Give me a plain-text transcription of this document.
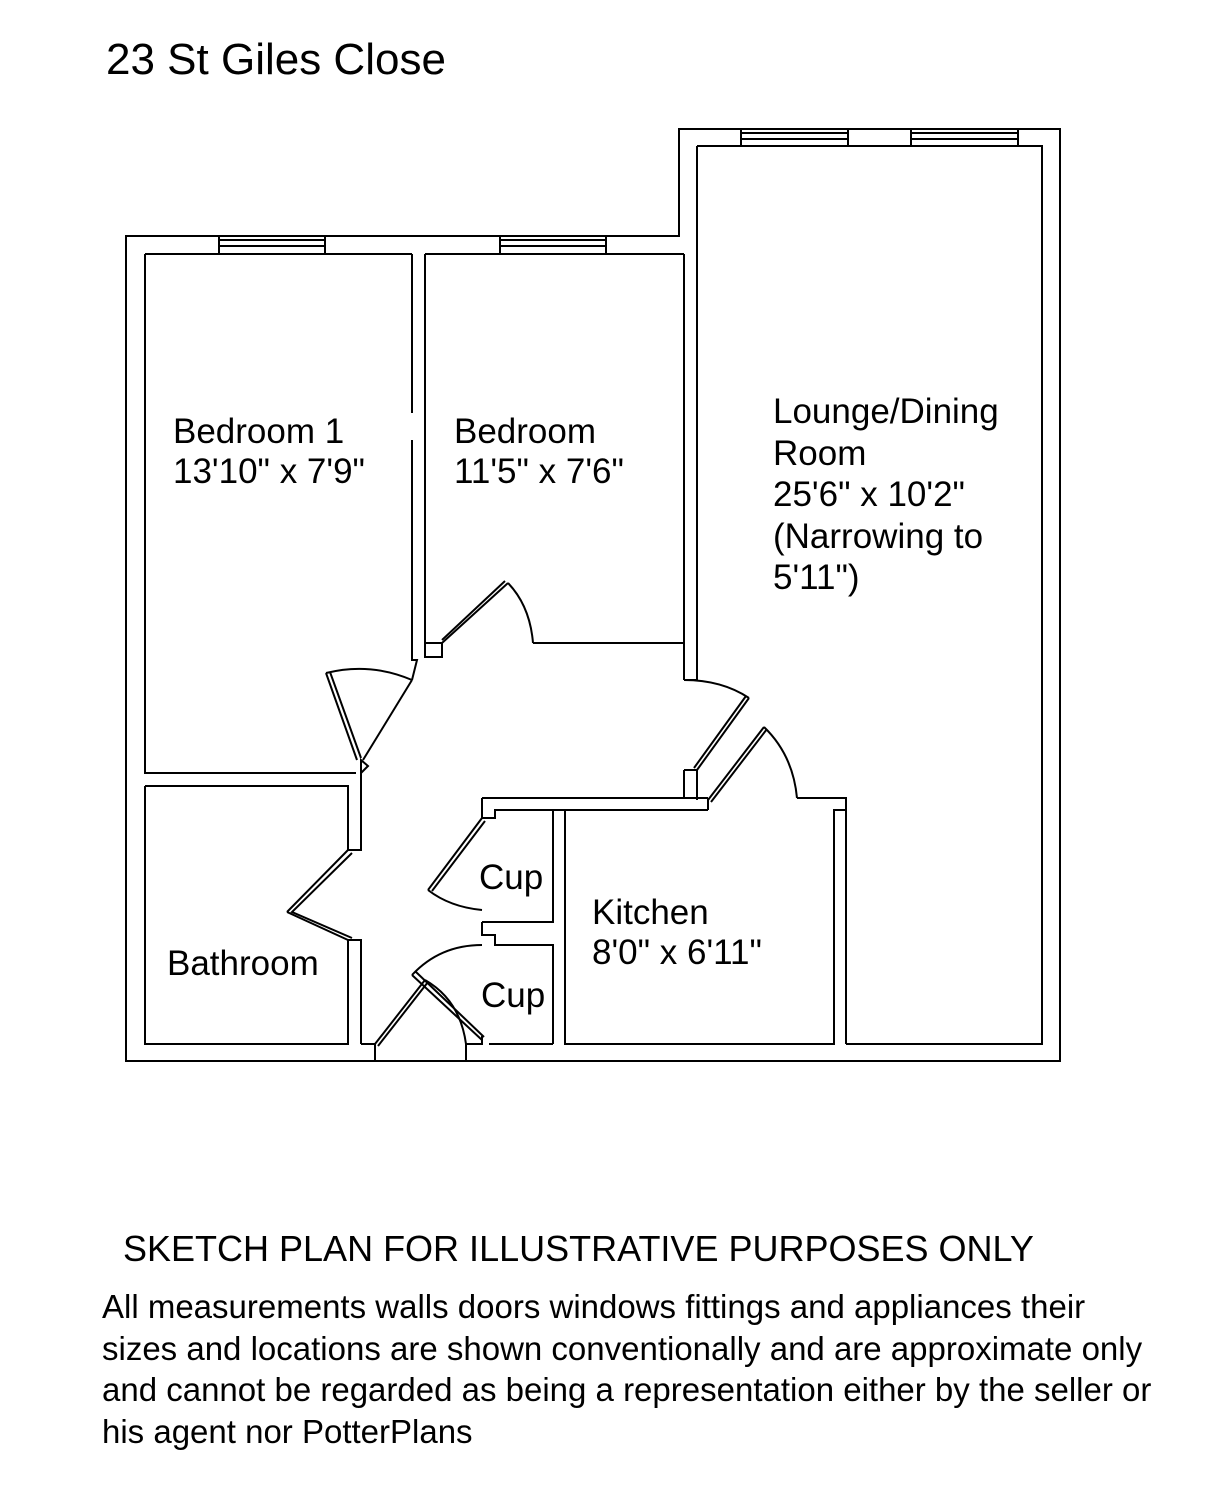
23 St Giles Close
Bedroom 1
13'10" x 7'9"
Bedroom
11'5" x 7'6"
Lounge/Dining
Room
25'6" x 10'2"
(Narrowing to
5'11")
Kitchen
8'0" x 6'11"
Bathroom
Cup
Cup
SKETCH PLAN FOR ILLUSTRATIVE PURPOSES ONLY
All measurements walls doors windows fittings and appliances their
sizes and locations are shown conventionally and are approximate only
and cannot be regarded as being a representation either by the seller or
his agent nor PotterPlans
